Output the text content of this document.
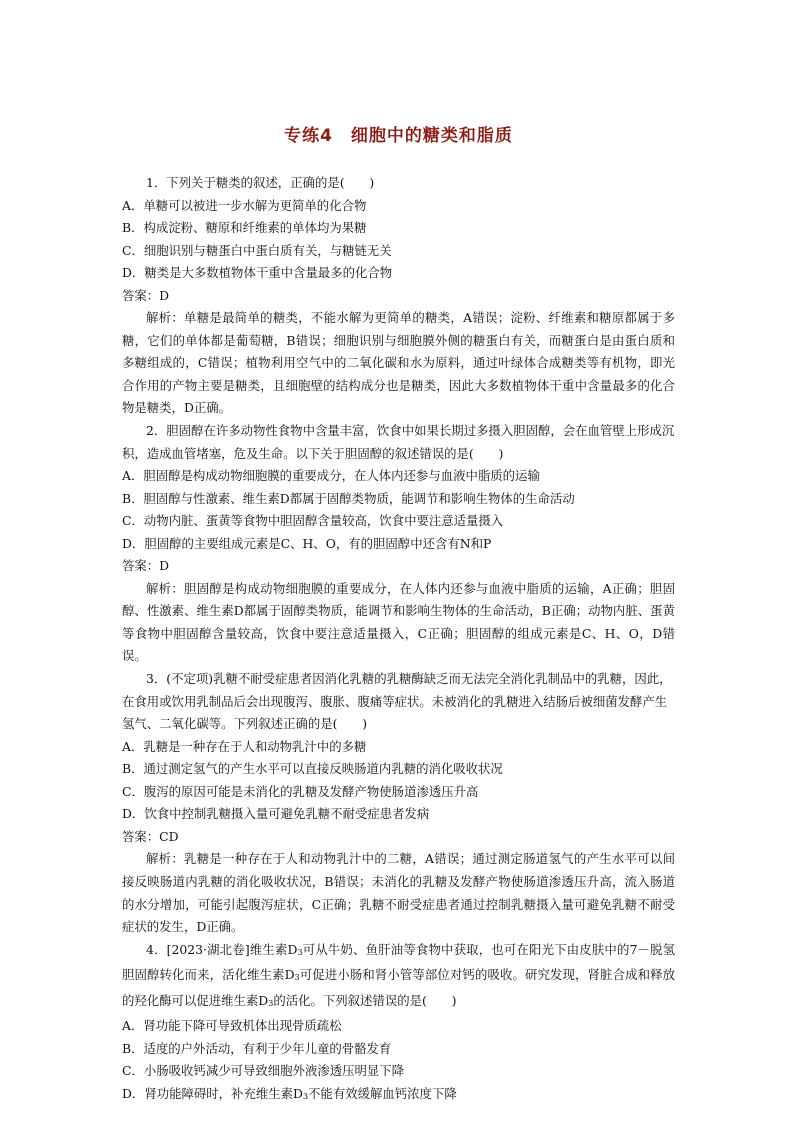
专练4　细胞中的糖类和脂质

1．下列关于糖类的叙述，正确的是(　　)

A．单糖可以被进一步水解为更简单的化合物

B．构成淀粉、糖原和纤维素的单体均为果糖

C．细胞识别与糖蛋白中蛋白质有关，与糖链无关

D．糖类是大多数植物体干重中含量最多的化合物

答案：D

解析：单糖是最简单的糖类，不能水解为更简单的糖类，A错误；淀粉、纤维素和糖原都属于多糖，它们的单体都是葡萄糖，B错误；细胞识别与细胞膜外侧的糖蛋白有关，而糖蛋白是由蛋白质和多糖组成的，C错误；植物利用空气中的二氧化碳和水为原料，通过叶绿体合成糖类等有机物，即光合作用的产物主要是糖类，且细胞壁的结构成分也是糖类，因此大多数植物体干重中含量最多的化合物是糖类，D正确。

2．胆固醇在许多动物性食物中含量丰富，饮食中如果长期过多摄入胆固醇，会在血管壁上形成沉积，造成血管堵塞，危及生命。以下关于胆固醇的叙述错误的是(　　)

A．胆固醇是构成动物细胞膜的重要成分，在人体内还参与血液中脂质的运输

B．胆固醇与性激素、维生素D都属于固醇类物质，能调节和影响生物体的生命活动

C．动物内脏、蛋黄等食物中胆固醇含量较高，饮食中要注意适量摄入

D．胆固醇的主要组成元素是C、H、O，有的胆固醇中还含有N和P

答案：D

解析：胆固醇是构成动物细胞膜的重要成分，在人体内还参与血液中脂质的运输，A正确；胆固醇、性激素、维生素D都属于固醇类物质，能调节和影响生物体的生命活动，B正确；动物内脏、蛋黄等食物中胆固醇含量较高，饮食中要注意适量摄入，C正确；胆固醇的组成元素是C、H、O，D错误。

3．(不定项)乳糖不耐受症患者因消化乳糖的乳糖酶缺乏而无法完全消化乳制品中的乳糖，因此，在食用或饮用乳制品后会出现腹泻、腹胀、腹痛等症状。未被消化的乳糖进入结肠后被细菌发酵产生氢气、二氧化碳等。下列叙述正确的是(　　)

A．乳糖是一种存在于人和动物乳汁中的多糖

B．通过测定氢气的产生水平可以直接反映肠道内乳糖的消化吸收状况

C．腹泻的原因可能是未消化的乳糖及发酵产物使肠道渗透压升高

D．饮食中控制乳糖摄入量可避免乳糖不耐受症患者发病

答案：CD

解析：乳糖是一种存在于人和动物乳汁中的二糖，A错误；通过测定肠道氢气的产生水平可以间接反映肠道内乳糖的消化吸收状况，B错误；未消化的乳糖及发酵产物使肠道渗透压升高，流入肠道的水分增加，可能引起腹泻症状，C正确；乳糖不耐受症患者通过控制乳糖摄入量可避免乳糖不耐受症状的发生，D正确。

4．[2023·湖北卷]维生素$D_3$可从牛奶、鱼肝油等食物中获取，也可在阳光下由皮肤中的7－脱氢胆固醇转化而来，活化维生素$D_3$可促进小肠和肾小管等部位对钙的吸收。研究发现，肾脏合成和释放的羟化酶可以促进维生素$D_3$的活化。下列叙述错误的是(　　)

A．肾功能下降可导致机体出现骨质疏松

B．适度的户外活动，有利于少年儿童的骨骼发育

C．小肠吸收钙减少可导致细胞外液渗透压明显下降

D．肾功能障碍时，补充维生素$D_3$不能有效缓解血钙浓度下降
